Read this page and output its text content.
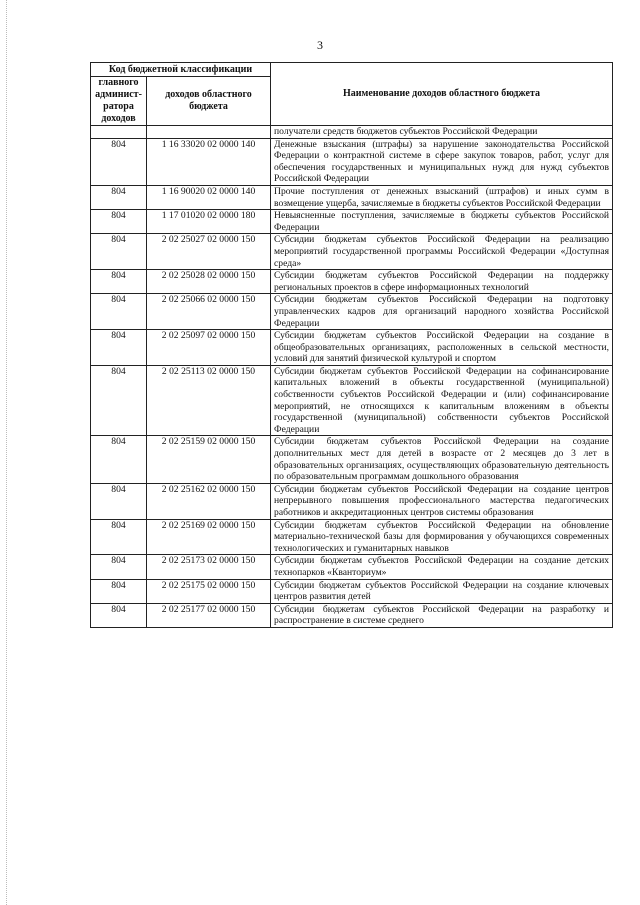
3
Код бюджетной классификации		Наименование доходов областного бюджета
главного админист-ратора доходов	доходов областного бюджета	
		получатели средств бюджетов субъектов Российской Федерации
804	1 16 33020 02 0000 140	Денежные взыскания (штрафы) за нарушение законодательства Российской Федерации о контрактной системе в сфере закупок товаров, работ, услуг для обеспечения государственных и муниципальных нужд для нужд субъектов Российской Федерации
804	1 16 90020 02 0000 140	Прочие поступления от денежных взысканий (штрафов) и иных сумм в возмещение ущерба, зачисляемые в бюджеты субъектов Российской Федерации
804	1 17 01020 02 0000 180	Невыясненные поступления, зачисляемые в бюджеты субъектов Российской Федерации
804	2 02 25027 02 0000 150	Субсидии бюджетам субъектов Российской Федерации на реализацию мероприятий государственной программы Российской Федерации «Доступная среда»
804	2 02 25028 02 0000 150	Субсидии бюджетам субъектов Российской Федерации на поддержку региональных проектов в сфере информационных технологий
804	2 02 25066 02 0000 150	Субсидии бюджетам субъектов Российской Федерации на подготовку управленческих кадров для организаций народного хозяйства Российской Федерации
804	2 02 25097 02 0000 150	Субсидии бюджетам субъектов Российской Федерации на создание в общеобразовательных организациях, расположенных в сельской местности, условий для занятий физической культурой и спортом
804	2 02 25113 02 0000 150	Субсидии бюджетам субъектов Российской Федерации на софинансирование капитальных вложений в объекты государственной (муниципальной) собственности субъектов Российской Федерации и (или) софинансирование мероприятий, не относящихся к капитальным вложениям в объекты государственной (муниципальной) собственности субъектов Российской Федерации
804	2 02 25159 02 0000 150	Субсидии бюджетам субъектов Российской Федерации на создание дополнительных мест для детей в возрасте от 2 месяцев до 3 лет в образовательных организациях, осуществляющих образовательную деятельность по образовательным программам дошкольного образования
804	2 02 25162 02 0000 150	Субсидии бюджетам субъектов Российской Федерации на создание центров непрерывного повышения профессионального мастерства педагогических работников и аккредитационных центров системы образования
804	2 02 25169 02 0000 150	Субсидии бюджетам субъектов Российской Федерации на обновление материально-технической базы для формирования у обучающихся современных технологических и гуманитарных навыков
804	2 02 25173 02 0000 150	Субсидии бюджетам субъектов Российской Федерации на создание детских технопарков «Кванториум»
804	2 02 25175 02 0000 150	Субсидии бюджетам субъектов Российской Федерации на создание ключевых центров развития детей
804	2 02 25177 02 0000 150	Субсидии бюджетам субъектов Российской Федерации на разработку и распространение в системе среднего
